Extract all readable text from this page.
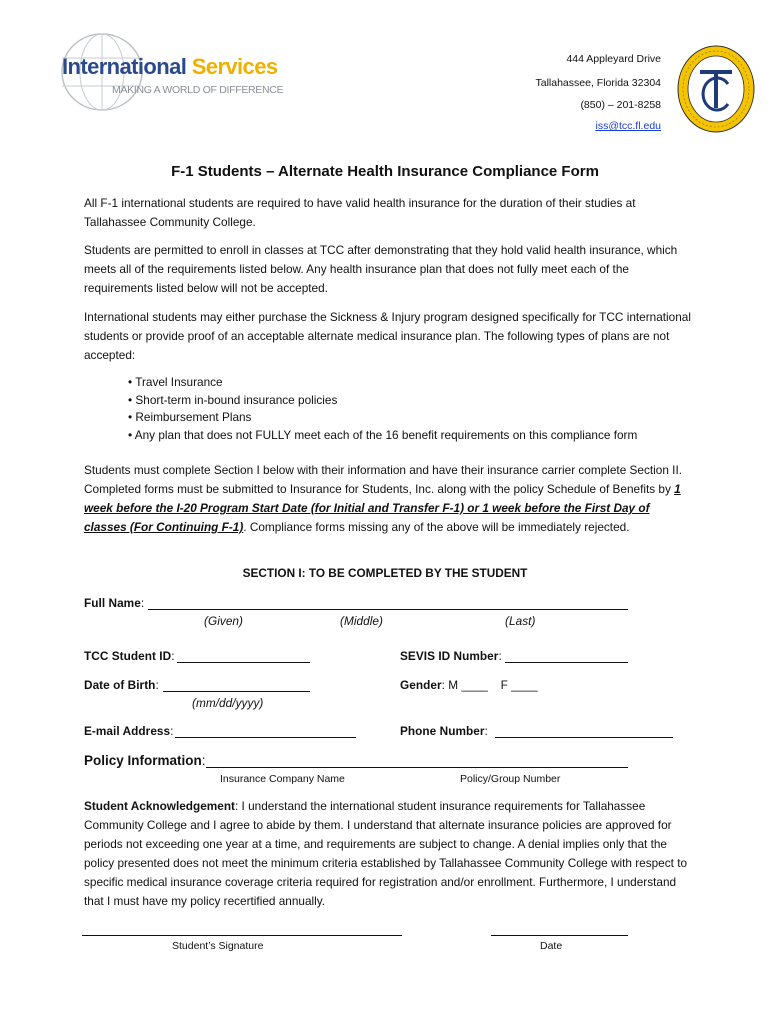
International Services
MAKING A WORLD OF DIFFERENCE
444 Appleyard Drive
Tallahassee, Florida 32304
(850) – 201-8258
iss@tcc.fl.edu
F-1 Students – Alternate Health Insurance Compliance Form

All F-1 international students are required to have valid health insurance for the duration of their studies at Tallahassee Community College.

Students are permitted to enroll in classes at TCC after demonstrating that they hold valid health insurance, which meets all of the requirements listed below. Any health insurance plan that does not fully meet each of the requirements listed below will not be accepted.

International students may either purchase the Sickness & Injury program designed specifically for TCC international students or provide proof of an acceptable alternate medical insurance plan. The following types of plans are not accepted:

• Travel Insurance
• Short-term in-bound insurance policies
• Reimbursement Plans
• Any plan that does not FULLY meet each of the 16 benefit requirements on this compliance form

Students must complete Section I below with their information and have their insurance carrier complete Section II. Completed forms must be submitted to Insurance for Students, Inc. along with the policy Schedule of Benefits by 1 week before the I-20 Program Start Date (for Initial and Transfer F-1) or 1 week before the First Day of classes (For Continuing F-1). Compliance forms missing any of the above will be immediately rejected.

SECTION I: TO BE COMPLETED BY THE STUDENT
Full Name:
(Given)	(Middle)	(Last)
TCC Student ID:	SEVIS ID Number:
Date of Birth:
(mm/dd/yyyy)
Gender: M ____ F ____
E-mail Address:	Phone Number:
Policy Information:
Insurance Company Name	Policy/Group Number

Student Acknowledgement: I understand the international student insurance requirements for Tallahassee Community College and I agree to abide by them. I understand that alternate insurance policies are approved for periods not exceeding one year at a time, and requirements are subject to change. A denial implies only that the policy presented does not meet the minimum criteria established by Tallahassee Community College with respect to specific medical insurance coverage criteria required for registration and/or enrollment. Furthermore, I understand that I must have my policy recertified annually.

Student’s Signature	Date
